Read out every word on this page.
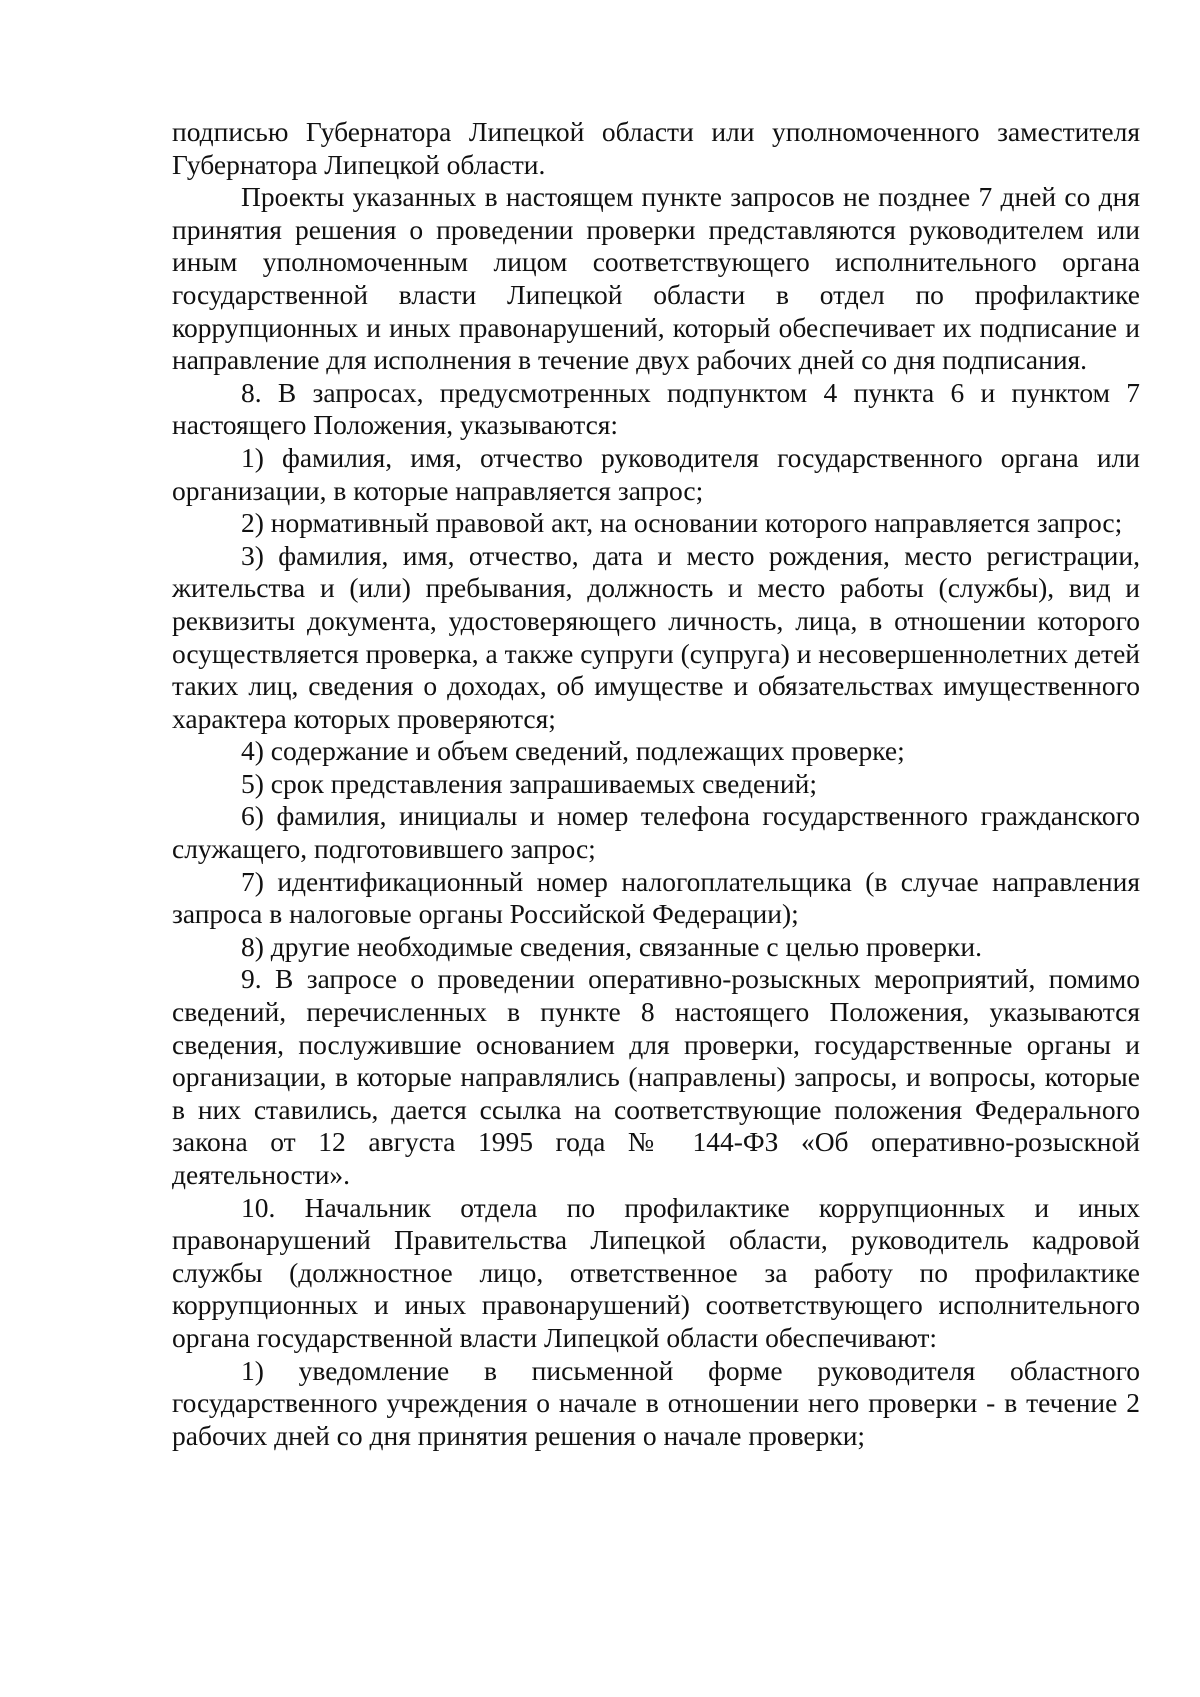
подписью Губернатора Липецкой области или уполномоченного заместителя Губернатора Липецкой области.

Проекты указанных в настоящем пункте запросов не позднее 7 дней со дня принятия решения о проведении проверки представляются руководителем или иным уполномоченным лицом соответствующего исполнительного органа государственной власти Липецкой области в отдел по профилактике коррупционных и иных правонарушений, который обеспечивает их подписание и направление для исполнения в течение двух рабочих дней со дня подписания.

8. В запросах, предусмотренных подпунктом 4 пункта 6 и пунктом 7 настоящего Положения, указываются:

1) фамилия, имя, отчество руководителя государственного органа или организации, в которые направляется запрос;

2) нормативный правовой акт, на основании которого направляется запрос;

3) фамилия, имя, отчество, дата и место рождения, место регистрации, жительства и (или) пребывания, должность и место работы (службы), вид и реквизиты документа, удостоверяющего личность, лица, в отношении которого осуществляется проверка, а также супруги (супруга) и несовершеннолетних детей таких лиц, сведения о доходах, об имуществе и обязательствах имущественного характера которых проверяются;

4) содержание и объем сведений, подлежащих проверке;

5) срок представления запрашиваемых сведений;

6) фамилия, инициалы и номер телефона государственного гражданского служащего, подготовившего запрос;

7) идентификационный номер налогоплательщика (в случае направления запроса в налоговые органы Российской Федерации);

8) другие необходимые сведения, связанные с целью проверки.

9. В запросе о проведении оперативно-розыскных мероприятий, помимо сведений, перечисленных в пункте 8 настоящего Положения, указываются сведения, послужившие основанием для проверки, государственные органы и организации, в которые направлялись (направлены) запросы, и вопросы, которые в них ставились, дается ссылка на соответствующие положения Федерального закона от 12 августа 1995 года № 144-ФЗ «Об оперативно-розыскной деятельности».

10. Начальник отдела по профилактике коррупционных и иных правонарушений Правительства Липецкой области, руководитель кадровой службы (должностное лицо, ответственное за работу по профилактике коррупционных и иных правонарушений) соответствующего исполнительного органа государственной власти Липецкой области обеспечивают:

1) уведомление в письменной форме руководителя областного государственного учреждения о начале в отношении него проверки - в течение 2 рабочих дней со дня принятия решения о начале проверки;
